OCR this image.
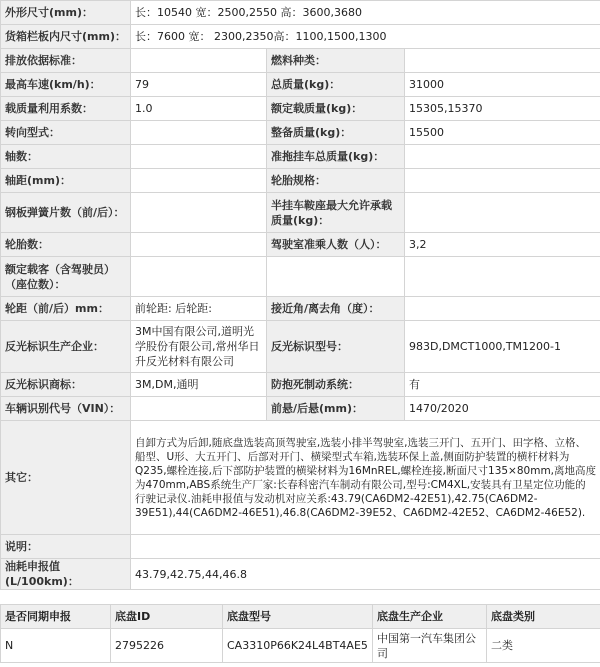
外形尺寸(mm)：	长：10540 宽：2500,2550 高：3600,3680		
货箱栏板内尺寸(mm)：	长：7600 宽： 2300,2350高：1100,1500,1300		
排放依据标准：		燃料种类：	
最高车速(km/h)：	79	总质量(kg)：	31000
载质量利用系数：	1.0	额定载质量(kg)：	15305,15370
转向型式：		整备质量(kg)：	15500
轴数：		准拖挂车总质量(kg)：	
轴距(mm)：		轮胎规格：	
钢板弹簧片数（前/后）：		半挂车鞍座最大允许承载质量(kg)：	
轮胎数：		驾驶室准乘人数（人）：	3,2
额定载客（含驾驶员）（座位数）：			
轮距（前/后）mm：	前轮距: 后轮距:	接近角/离去角（度）：	
反光标识生产企业：	3M中国有限公司,道明光学股份有限公司,常州华日升反光材料有限公司	反光标识型号：	983D,DMCT1000,TM1200-1
反光标识商标：	3M,DM,通明	防抱死制动系统：	有
车辆识别代号（VIN）：		前悬/后悬(mm)：	1470/2020
其它：	自卸方式为后卸,随底盘选装高顶驾驶室,选装小排半驾驶室,选装三开门、五开门、田字格、立格、船型、U形、大五开门、后部对开门、横梁型式车箱,选装环保上盖,侧面防护装置的横杆材料为Q235,螺栓连接,后下部防护装置的横梁材料为16MnREL,螺栓连接,断面尺寸135×80mm,离地高度为470mm,ABS系统生产厂家:长春科密汽车制动有限公司,型号:CM4XL,安装具有卫星定位功能的行驶记录仪.油耗申报值与发动机对应关系:43.79(CA6DM2-42E51),42.75(CA6DM2-39E51),44(CA6DM2-46E51),46.8(CA6DM2-39E52、CA6DM2-42E52、CA6DM2-46E52).		
说明：			
油耗申报值(L/100km)：	43.79,42.75,44,46.8		
是否同期申报	底盘ID	底盘型号	底盘生产企业	底盘类别
N	2795226	CA3310P66K24L4BT4AE5	中国第一汽车集团公司	二类
